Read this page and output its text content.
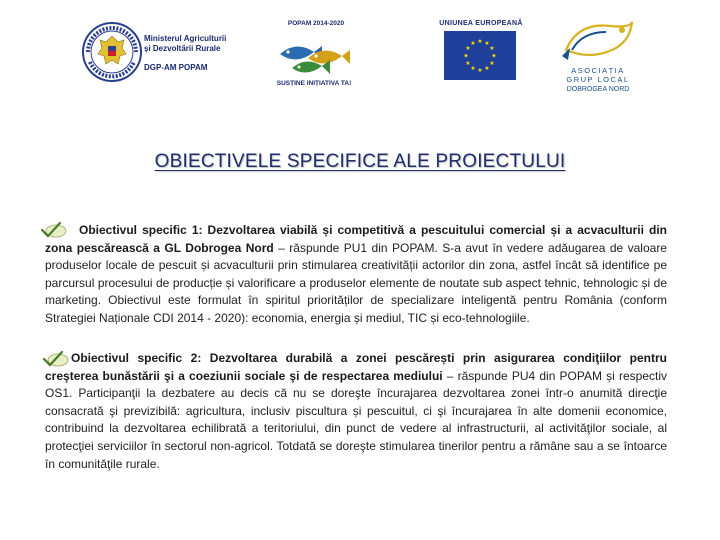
Ministerul Agriculturii
și Dezvoltării Rurale
DGP-AM POPAM
POPAM 2014-2020
SUSȚINE INIȚIATIVA TA!
UNIUNEA EUROPEANĂ
★ ★
★
★
★
★
★
★
★
★
★
★
ASOCIAȚIA
GRUP LOCAL
DOBROGEA NORD
OBIECTIVELE SPECIFICE ALE PROIECTULUI
Obiectivul specific 1: Dezvoltarea viabilă și competitivă a pescuitului comercial și a acvaculturii din zona pescărească a GL Dobrogea Nord – răspunde PU1 din POPAM. S-a avut în vedere adăugarea de valoare produselor locale de pescuit și acvaculturii prin stimularea creativității actorilor din zona, astfel încât să identifice pe parcursul procesului de producție și valorificare a produselor elemente de noutate sub aspect tehnic, tehnologic și de marketing. Obiectivul este formulat în spiritul priorităților de specializare inteligentă pentru România (conform Strategiei Naționale CDI 2014 - 2020): economia, energia și mediul, TIC și eco-tehnologiile.
Obiectivul specific 2: Dezvoltarea durabilă a zonei pescărești prin asigurarea condiţiilor pentru creşterea bunăstării şi a coeziunii sociale şi de respectarea mediului – răspunde PU4 din POPAM și respectiv OS1. Participanţii la dezbatere au decis că nu se doreşte încurajarea dezvoltarea zonei într-o anumită direcţie consacrată şi previzibilă: agricultura, inclusiv piscultura și pescuitul, ci şi încurajarea în alte domenii economice, contribuind la dezvoltarea echilibrată a teritoriului, din punct de vedere al infrastructurii, al activităţilor sociale, al protecţiei serviciilor în sectorul non-agricol. Totdată se doreşte stimularea tinerilor pentru a rămâne sau a se întoarce în comunităţile rurale.
